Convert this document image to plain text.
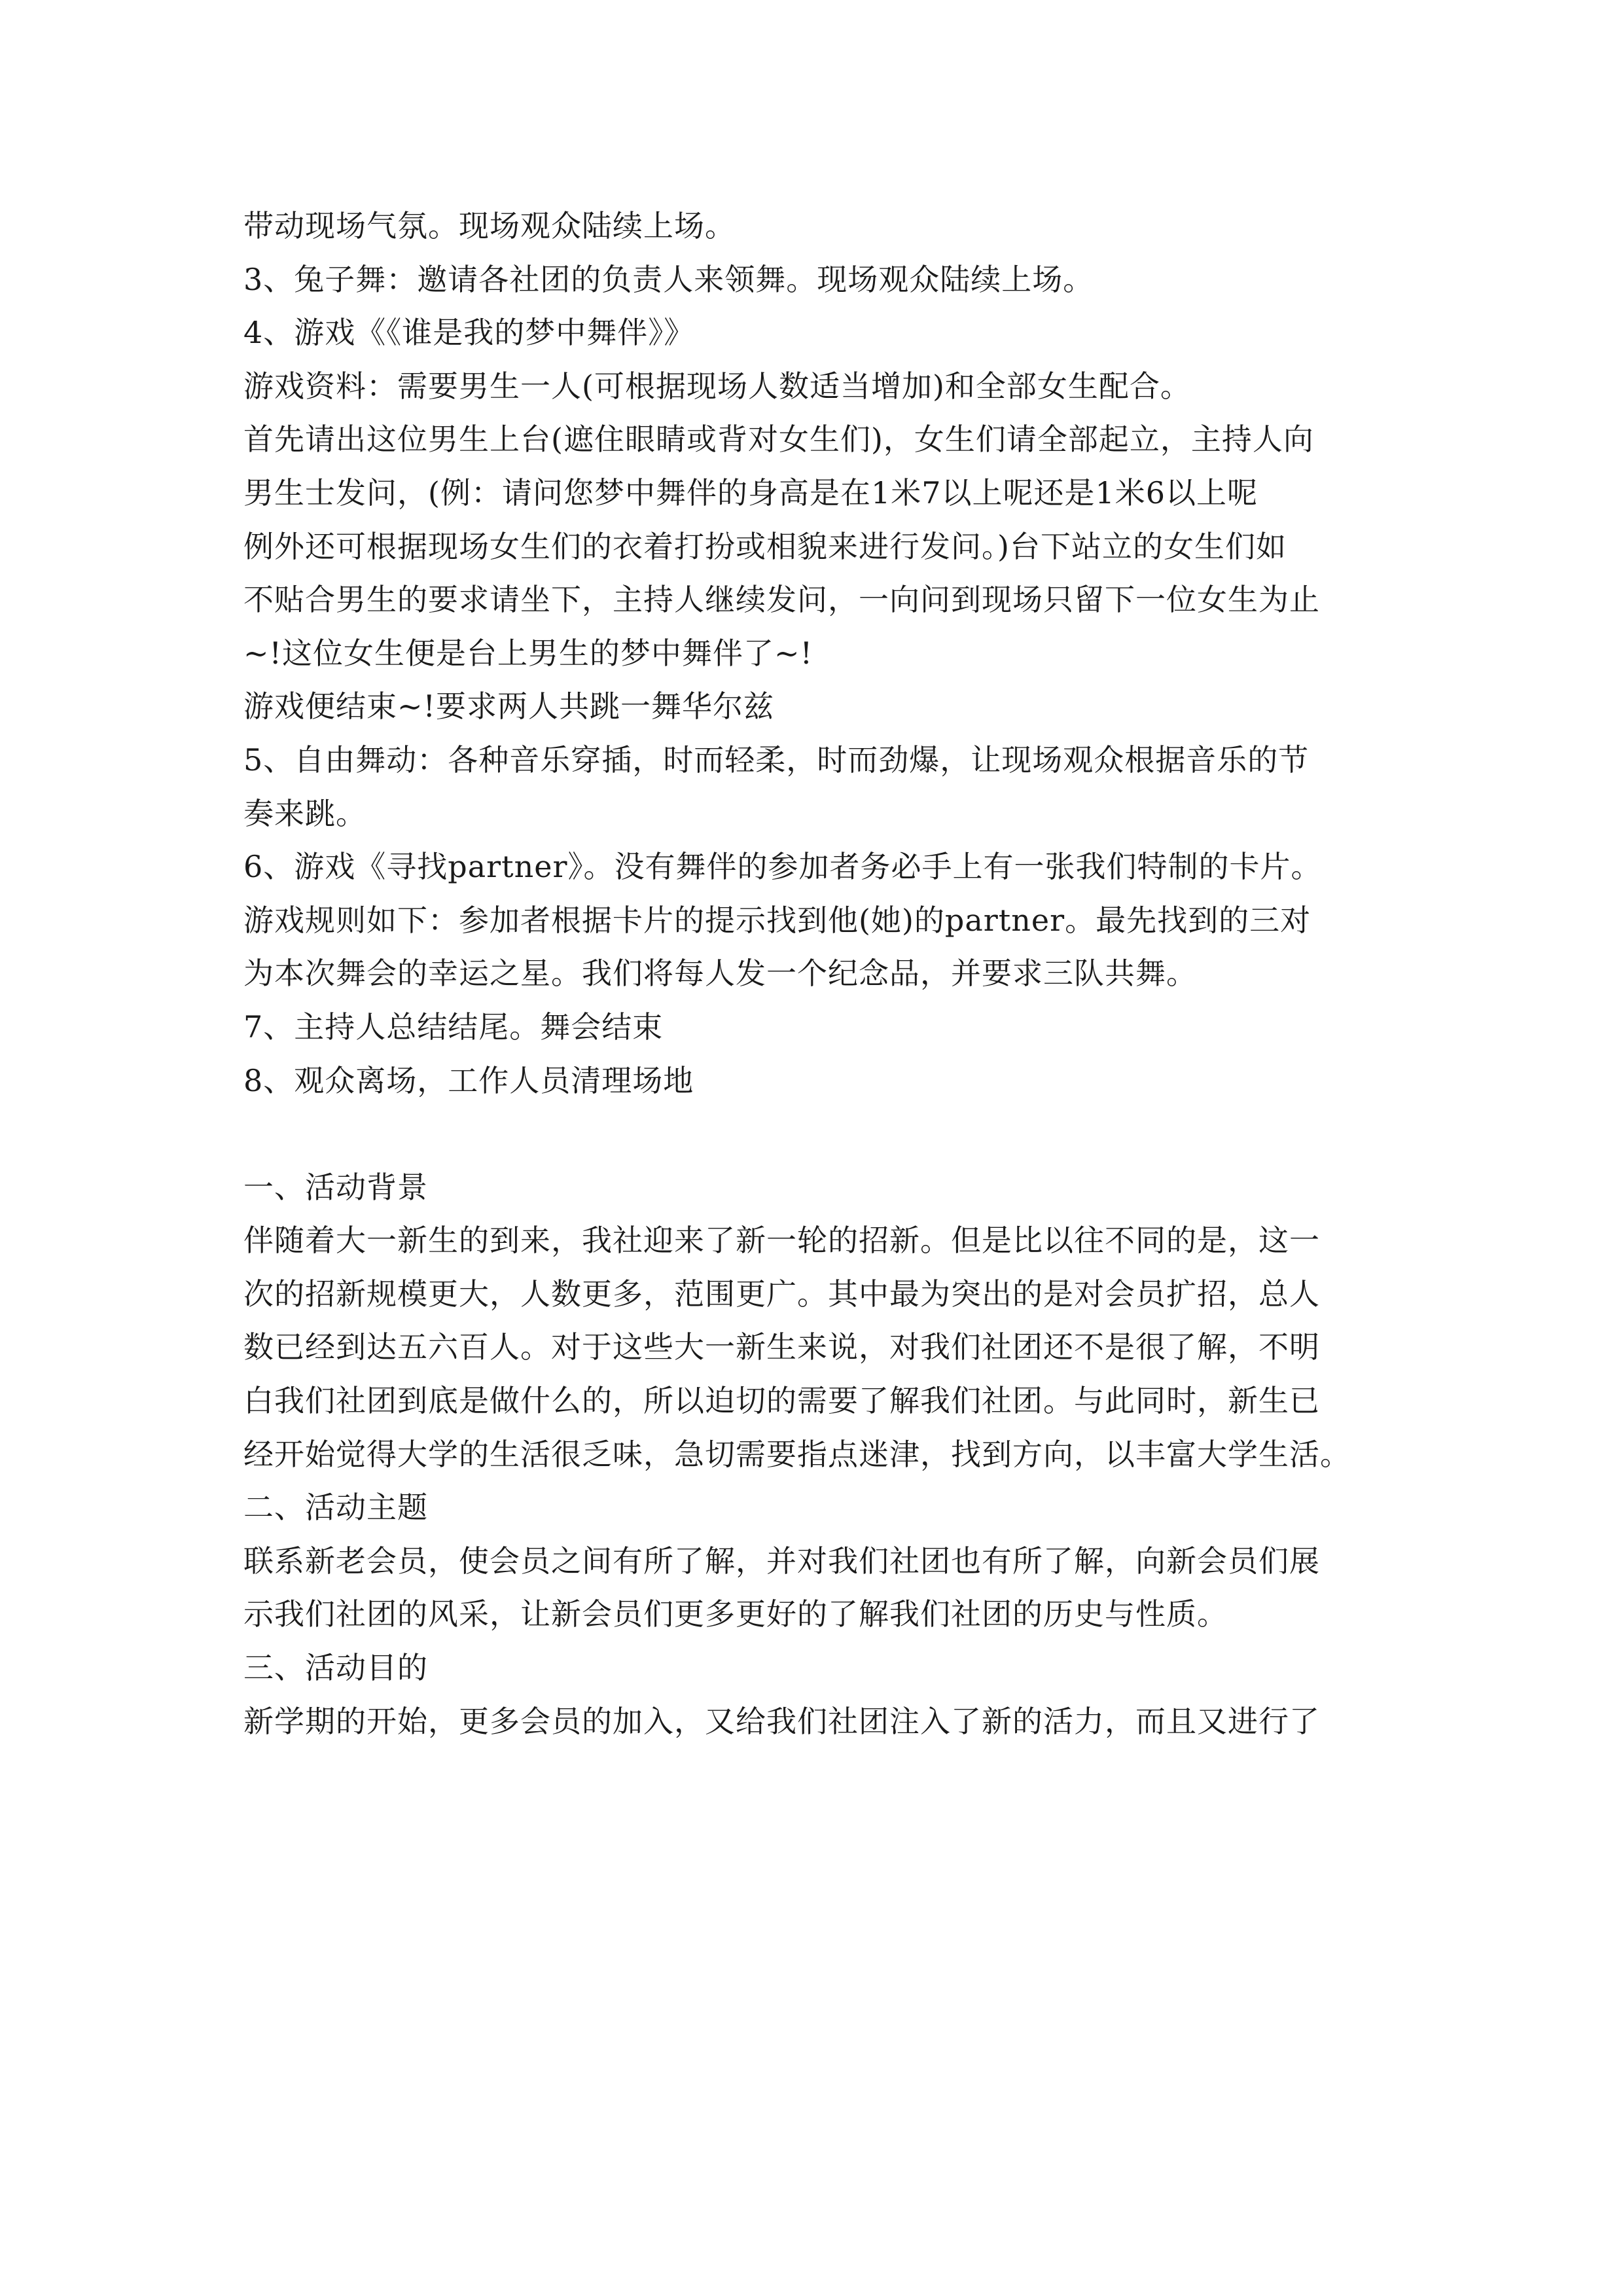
带动现场气氛。现场观众陆续上场。
3、兔子舞：邀请各社团的负责人来领舞。现场观众陆续上场。
4、游戏《《谁是我的梦中舞伴》》
游戏资料：需要男生一人(可根据现场人数适当增加)和全部女生配合。
首先请出这位男生上台(遮住眼睛或背对女生们)，女生们请全部起立，主持人向
男生士发问，(例：请问您梦中舞伴的身高是在1米7以上呢还是1米6以上呢
例外还可根据现场女生们的衣着打扮或相貌来进行发问。)台下站立的女生们如
不贴合男生的要求请坐下，主持人继续发问，一向问到现场只留下一位女生为止
~!这位女生便是台上男生的梦中舞伴了~!
游戏便结束~!要求两人共跳一舞华尔兹
5、自由舞动：各种音乐穿插，时而轻柔，时而劲爆，让现场观众根据音乐的节
奏来跳。
6、游戏《寻找partner》。没有舞伴的参加者务必手上有一张我们特制的卡片。
游戏规则如下：参加者根据卡片的提示找到他(她)的partner。最先找到的三对
为本次舞会的幸运之星。我们将每人发一个纪念品，并要求三队共舞。
7、主持人总结结尾。舞会结束
8、观众离场，工作人员清理场地
一、活动背景
伴随着大一新生的到来，我社迎来了新一轮的招新。但是比以往不同的是，这一
次的招新规模更大，人数更多，范围更广。其中最为突出的是对会员扩招，总人
数已经到达五六百人。对于这些大一新生来说，对我们社团还不是很了解，不明
白我们社团到底是做什么的，所以迫切的需要了解我们社团。与此同时，新生已
经开始觉得大学的生活很乏味，急切需要指点迷津，找到方向，以丰富大学生活。
二、活动主题
联系新老会员，使会员之间有所了解，并对我们社团也有所了解，向新会员们展
示我们社团的风采，让新会员们更多更好的了解我们社团的历史与性质。
三、活动目的
新学期的开始，更多会员的加入，又给我们社团注入了新的活力，而且又进行了
